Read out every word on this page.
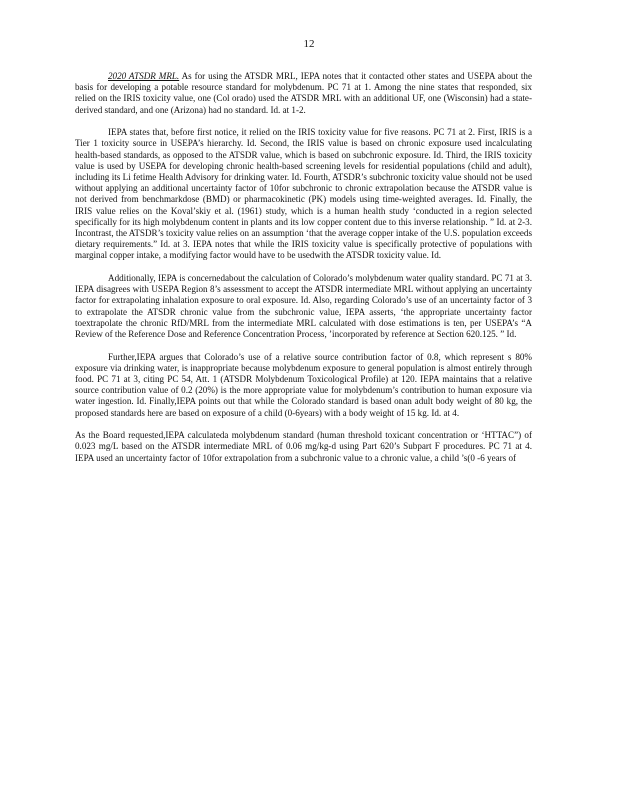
12

2020 ATSDR MRL. As for using the ATSDR MRL, IEPA notes that it contacted other states and USEPA about the basis for developing a potable resource standard for molybdenum. PC 71 at 1. Among the nine states that responded, six relied on the IRIS toxicity value, one (Col orado) used the ATSDR MRL with an additional UF, one (Wisconsin) had a state- derived standard, and one (Arizona) had no standard. Id. at 1-2.

IEPA states that, before first notice, it relied on the IRIS toxicity value for five reasons. PC 71 at 2. First, IRIS is a Tier 1 toxicity source in USEPA’s hierarchy. Id. Second, the IRIS value is based on chronic exposure used incalculating health-based standards, as opposed to the ATSDR value, which is based on subchronic exposure. Id. Third, the IRIS toxicity value is used by USEPA for developing chronic health-based screening levels for residential populations (child and adult), including its Li fetime Health Advisory for drinking water. Id. Fourth, ATSDR’s subchronic toxicity value should not be used without applying an additional uncertainty factor of 10for subchronic to chronic extrapolation because the ATSDR value is not derived from benchmarkdose (BMD) or pharmacokinetic (PK) models using time-weighted averages. Id. Finally, the IRIS value relies on the Koval’skiy et al. (1961) study, which is a human health study ‘conducted in a region selected specifically for its high molybdenum content in plants and its low copper content due to this inverse relationship. ” Id. at 2-3. Incontrast, the ATSDR’s toxicity value relies on an assumption ‘that the average copper intake of the U.S. population exceeds dietary requirements.” Id. at 3. IEPA notes that while the IRIS toxicity value is specifically protective of populations with marginal copper intake, a modifying factor would have to be usedwith the ATSDR toxicity value. Id.

Additionally, IEPA is concernedabout the calculation of Colorado’s molybdenum water quality standard. PC 71 at 3. IEPA disagrees with USEPA Region 8’s assessment to accept the ATSDR intermediate MRL without applying an uncertainty factor for extrapolating inhalation exposure to oral exposure. Id. Also, regarding Colorado’s use of an uncertainty factor of 3 to extrapolate the ATSDR chronic value from the subchronic value, IEPA asserts, ‘the appropriate uncertainty factor toextrapolate the chronic RfD/MRL from the intermediate MRL calculated with dose estimations is ten, per USEPA’s “A Review of the Reference Dose and Reference Concentration Process, ’incorporated by reference at Section 620.125. ” Id.

Further,IEPA argues that Colorado’s use of a relative source contribution factor of 0.8, which represent s 80% exposure via drinking water, is inappropriate because molybdenum exposure to general population is almost entirely through food. PC 71 at 3, citing PC 54, Att. 1 (ATSDR Molybdenum Toxicological Profile) at 120. IEPA maintains that a relative source contribution value of 0.2 (20%) is the more appropriate value for molybdenum’s contribution to human exposure via water ingestion. Id. Finally,IEPA points out that while the Colorado standard is based onan adult body weight of 80 kg, the proposed standards here are based on exposure of a child (0-6years) with a body weight of 15 kg. Id. at 4.

As the Board requested,IEPA calculateda molybdenum standard (human threshold toxicant concentration or ‘HTTAC”) of 0.023 mg/L based on the ATSDR intermediate MRL of 0.06 mg/kg-d using Part 620’s Subpart F procedures. PC 71 at 4. IEPA used an uncertainty factor of 10for extrapolation from a subchronic value to a chronic value, a child ’s(0 -6 years of
